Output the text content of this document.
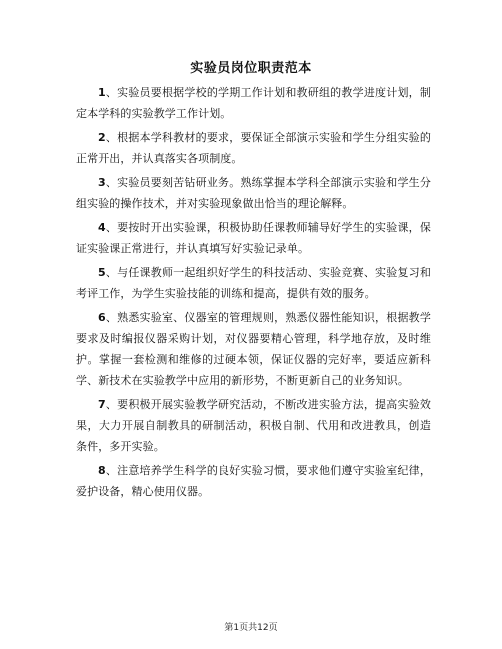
实验员岗位职责范本

1、实验员要根据学校的学期工作计划和教研组的教学进度计划，制定本学科的实验教学工作计划。

2、根据本学科教材的要求，要保证全部演示实验和学生分组实验的正常开出，并认真落实各项制度。

3、实验员要刻苦钻研业务。熟练掌握本学科全部演示实验和学生分组实验的操作技术，并对实验现象做出恰当的理论解释。

4、要按时开出实验课，积极协助任课教师辅导好学生的实验课，保证实验课正常进行，并认真填写好实验记录单。

5、与任课教师一起组织好学生的科技活动、实验竞赛、实验复习和考评工作，为学生实验技能的训练和提高，提供有效的服务。

6、熟悉实验室、仪器室的管理规则，熟悉仪器性能知识，根据教学要求及时编报仪器采购计划，对仪器要精心管理，科学地存放，及时维护。掌握一套检测和维修的过硬本领，保证仪器的完好率，要适应新科学、新技术在实验教学中应用的新形势，不断更新自己的业务知识。

7、要积极开展实验教学研究活动，不断改进实验方法，提高实验效果，大力开展自制教具的研制活动，积极自制、代用和改进教具，创造条件，多开实验。

8、注意培养学生科学的良好实验习惯，要求他们遵守实验室纪律，爱护设备，精心使用仪器。

第1页共12页
